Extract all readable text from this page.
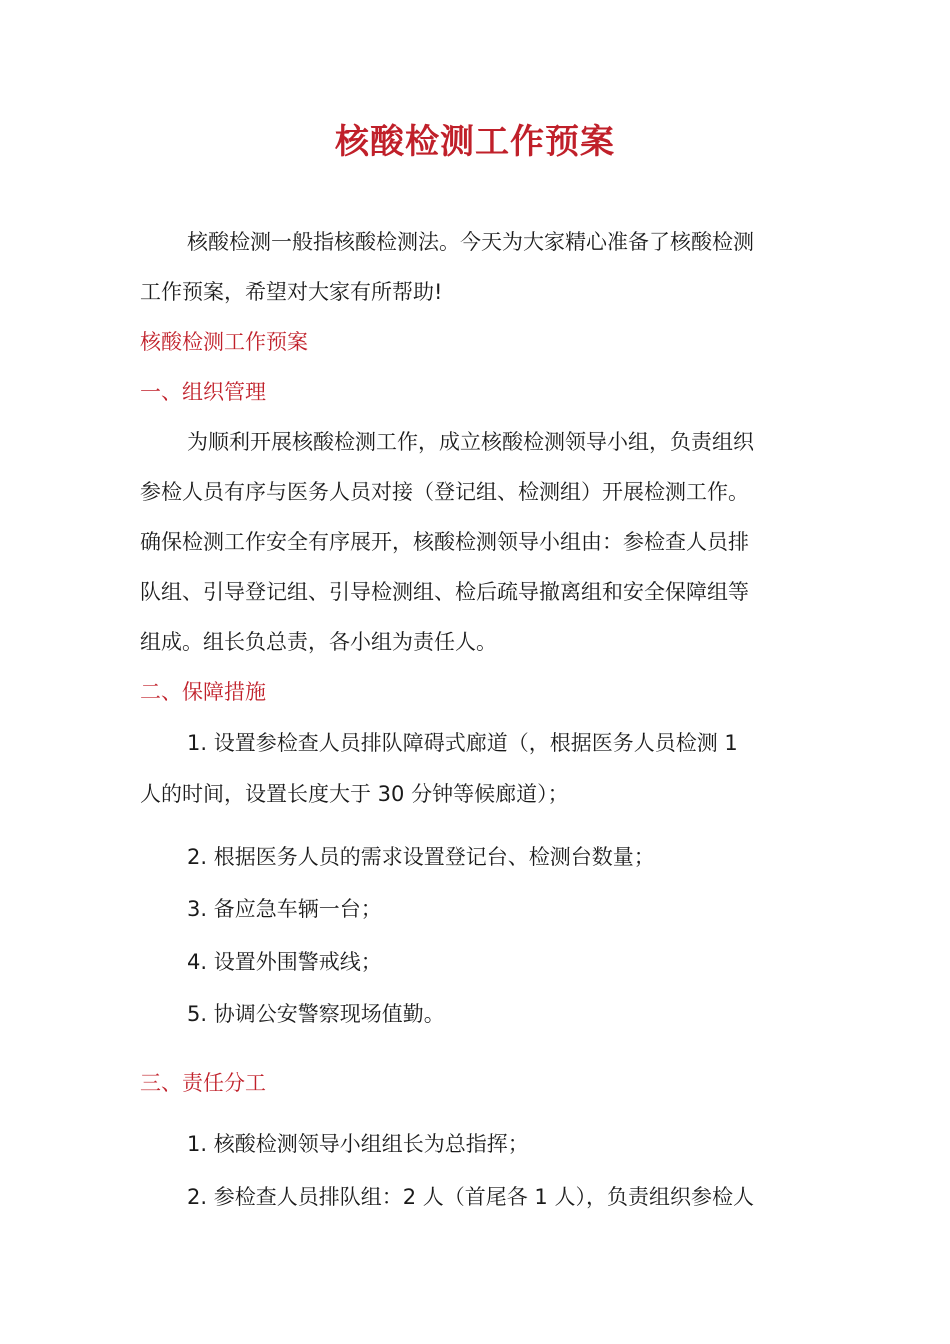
核酸检测工作预案
核酸检测一般指核酸检测法。今天为大家精心准备了核酸检测
工作预案，希望对大家有所帮助!
核酸检测工作预案
一、组织管理
为顺利开展核酸检测工作，成立核酸检测领导小组，负责组织
参检人员有序与医务人员对接（登记组、检测组）开展检测工作。
确保检测工作安全有序展开，核酸检测领导小组由：参检查人员排
队组、引导登记组、引导检测组、检后疏导撤离组和安全保障组等
组成。组长负总责，各小组为责任人。
二、保障措施
1. 设置参检查人员排队障碍式廊道（，根据医务人员检测 1
人的时间，设置长度大于 30 分钟等候廊道）；
2. 根据医务人员的需求设置登记台、检测台数量；
3. 备应急车辆一台；
4. 设置外围警戒线；
5. 协调公安警察现场值勤。
三、责任分工
1. 核酸检测领导小组组长为总指挥；
2. 参检查人员排队组：2 人（首尾各 1 人），负责组织参检人
